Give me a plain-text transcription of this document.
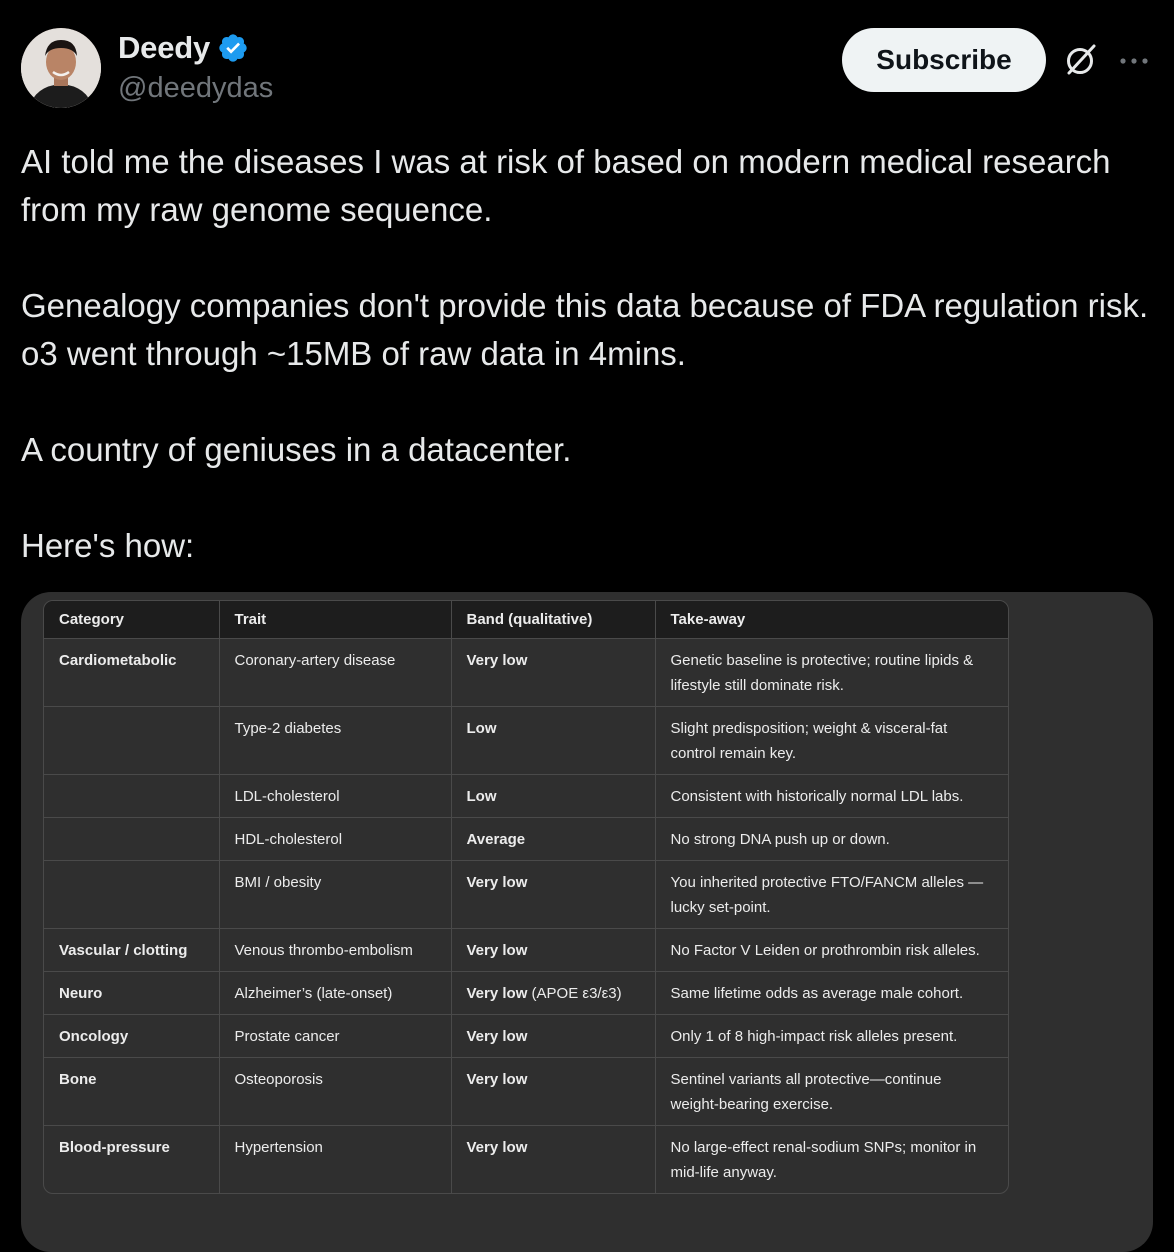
Deedy
@deedydas
Subscribe

AI told me the diseases I was at risk of based on modern medical research from my raw genome sequence.

Genealogy companies don't provide this data because of FDA regulation risk. o3 went through ~15MB of raw data in 4mins.

A country of geniuses in a datacenter.

Here's how:

Category	Trait	Band (qualitative)	Take-away
Cardiometabolic	Coronary-artery disease	Very low	Genetic baseline is protective; routine lipids & lifestyle still dominate risk.
	Type-2 diabetes	Low	Slight predisposition; weight & visceral-fat control remain key.
	LDL-cholesterol	Low	Consistent with historically normal LDL labs.
	HDL-cholesterol	Average	No strong DNA push up or down.
	BMI / obesity	Very low	You inherited protective FTO/FANCM alleles —lucky set-point.
Vascular / clotting	Venous thrombo-embolism	Very low	No Factor V Leiden or prothrombin risk alleles.
Neuro	Alzheimer’s (late-onset)	Very low (APOE ε3/ε3)	Same lifetime odds as average male cohort.
Oncology	Prostate cancer	Very low	Only 1 of 8 high-impact risk alleles present.
Bone	Osteoporosis	Very low	Sentinel variants all protective—continue weight-bearing exercise.
Blood-pressure	Hypertension	Very low	No large-effect renal-sodium SNPs; monitor in mid-life anyway.
